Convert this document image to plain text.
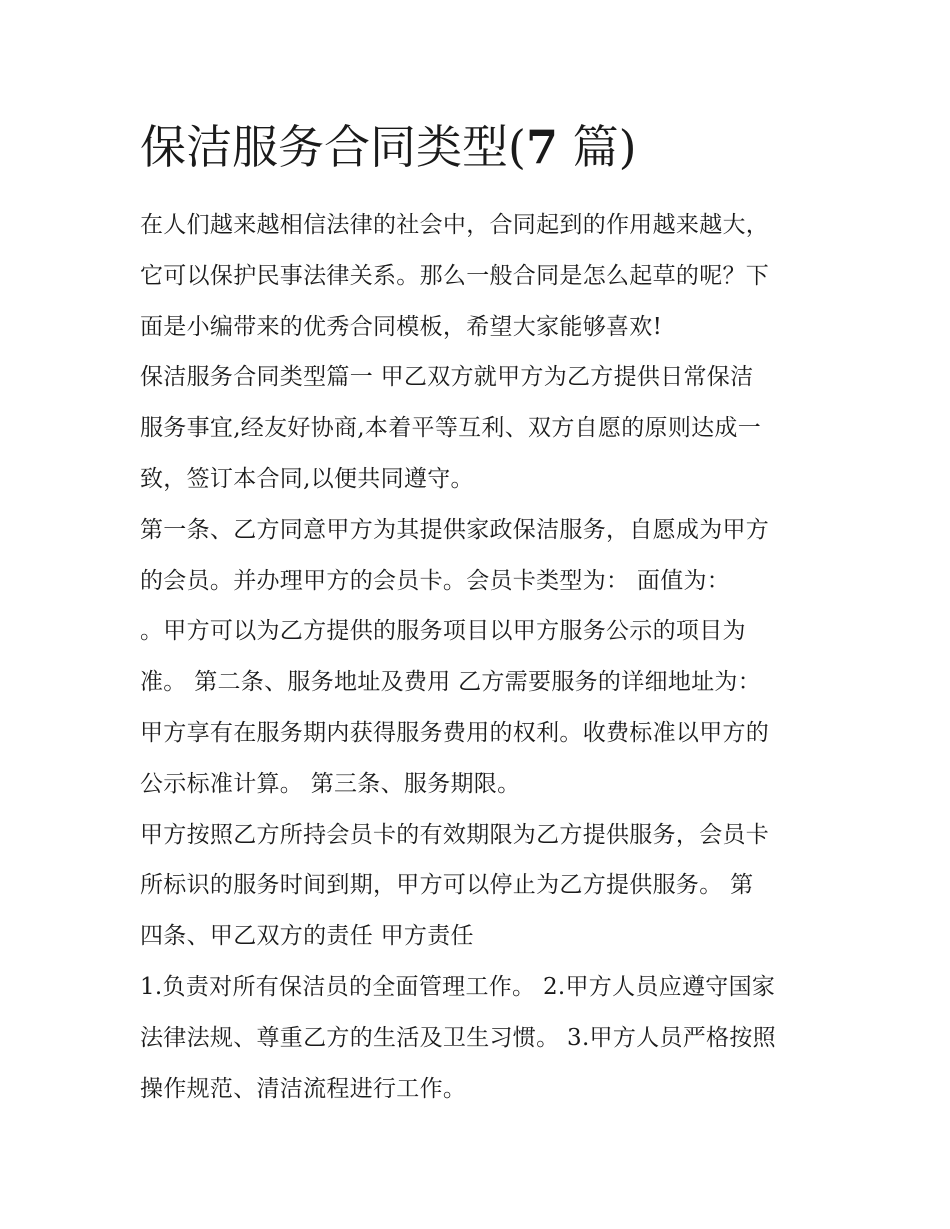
保洁服务合同类型(7 篇)
在人们越来越相信法律的社会中，合同起到的作用越来越大，
它可以保护民事法律关系。那么一般合同是怎么起草的呢？下
面是小编带来的优秀合同模板，希望大家能够喜欢!
保洁服务合同类型篇一 甲乙双方就甲方为乙方提供日常保洁
服务事宜,经友好协商,本着平等互利、双方自愿的原则达成一
致，签订本合同,以便共同遵守。
第一条、乙方同意甲方为其提供家政保洁服务，自愿成为甲方
的会员。并办理甲方的会员卡。会员卡类型为： 面值为：
。甲方可以为乙方提供的服务项目以甲方服务公示的项目为
准。 第二条、服务地址及费用 乙方需要服务的详细地址为：
甲方享有在服务期内获得服务费用的权利。收费标准以甲方的
公示标准计算。 第三条、服务期限。
甲方按照乙方所持会员卡的有效期限为乙方提供服务，会员卡
所标识的服务时间到期，甲方可以停止为乙方提供服务。 第
四条、甲乙双方的责任 甲方责任
1.负责对所有保洁员的全面管理工作。 2.甲方人员应遵守国家
法律法规、尊重乙方的生活及卫生习惯。 3.甲方人员严格按照
操作规范、清洁流程进行工作。
